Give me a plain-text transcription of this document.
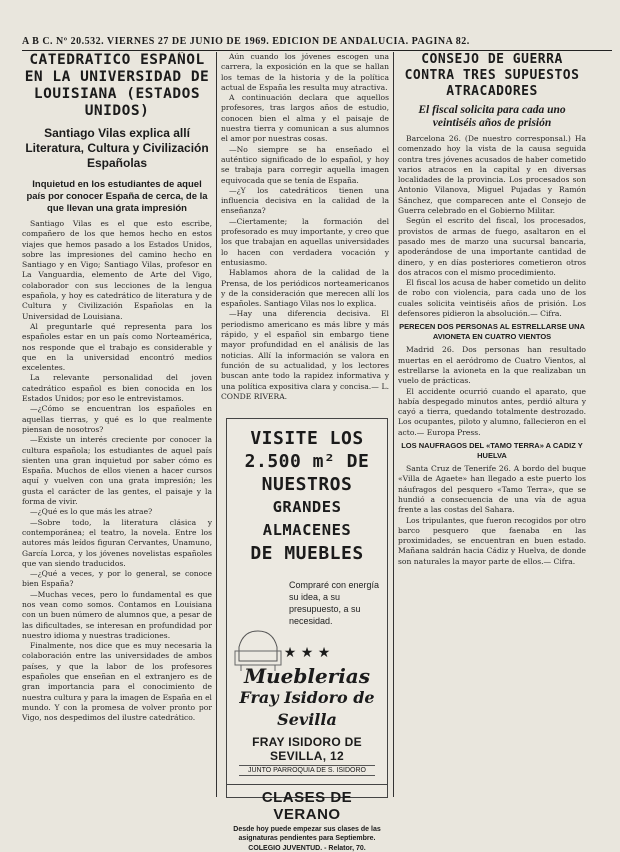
A B C. Nº 20.532. VIERNES 27 DE JUNIO DE 1969. EDICION DE ANDALUCIA. PAGINA 82.
CATEDRATICO ESPAÑOL EN LA UNIVERSIDAD DE LOUISIANA (ESTADOS UNIDOS)
Santiago Vilas explica allí Literatura, Cultura y Civilización Españolas
Inquietud en los estudiantes de aquel país por conocer España de cerca, de la que llevan una grata impresión

Santiago Vilas es el que esto escribe, compañero de los que hemos hecho en estos viajes que hemos pasado a los Estados Unidos, sobre las impresiones del camino hecho en Santiago y en Vigo; Santiago Vilas, profesor en La Vanguardia, elemento de Arte del Vigo, colaborador con sus lecciones de la lengua española, y hoy es catedrático de literatura y de Cultura y Civilización Españolas en la Universidad de Louisiana.

Al preguntarle qué representa para los españoles estar en un país como Norteamérica, nos responde que el trabajo es considerable y que en la universidad encontró medios excelentes.

La relevante personalidad del joven catedrático español es bien conocida en los Estados Unidos; por eso le entrevistamos.

—¿Cómo se encuentran los españoles en aquellas tierras, y qué es lo que realmente piensan de nosotros?

—Existe un interés creciente por conocer la cultura española; los estudiantes de aquel país sienten una gran inquietud por saber cómo es España. Muchos de ellos vienen a hacer cursos aquí y vuelven con una grata impresión; les gusta el carácter de las gentes, el paisaje y la forma de vivir.

—¿Qué es lo que más les atrae?

—Sobre todo, la literatura clásica y contemporánea; el teatro, la novela. Entre los autores más leídos figuran Cervantes, Unamuno, García Lorca, y los jóvenes novelistas españoles que van siendo traducidos.

—¿Qué a veces, y por lo general, se conoce bien España?

—Muchas veces, pero lo fundamental es que nos vean como somos. Contamos en Louisiana con un buen número de alumnos que, a pesar de las dificultades, se interesan en profundidad por nuestro idioma y nuestras tradiciones.

Finalmente, nos dice que es muy necesaria la colaboración entre las universidades de ambos países, y que la labor de los profesores españoles que enseñan en el extranjero es de gran importancia para el conocimiento de nuestra cultura y para la imagen de España en el mundo. Y con la promesa de volver pronto por Vigo, nos despedimos del ilustre catedrático.

Aún cuando los jóvenes escogen una carrera, la exposición en la que se hallan los temas de la historia y de la política actual de España les resulta muy atractiva.

A continuación declara que aquellos profesores, tras largos años de estudio, conocen bien el alma y el paisaje de nuestra tierra y comunican a sus alumnos el amor por nuestras cosas.

—No siempre se ha enseñado el auténtico significado de lo español, y hoy se trabaja para corregir aquella imagen equivocada que se tenía de España.

—¿Y los catedráticos tienen una influencia decisiva en la calidad de la enseñanza?

—Ciertamente; la formación del profesorado es muy importante, y creo que los que trabajan en aquellas universidades lo hacen con verdadera vocación y entusiasmo.

Hablamos ahora de la calidad de la Prensa, de los periódicos norteamericanos y de la consideración que merecen allí los españoles. Santiago Vilas nos lo explica.

—Hay una diferencia decisiva. El periodismo americano es más libre y más rápido, y el español sin embargo tiene mayor profundidad en el análisis de las noticias. Allí la información se valora en función de su actualidad, y los lectores buscan ante todo la rapidez informativa y una política expositiva clara y concisa.— L. CONDE RIVERA.

VISITE LOS
2.500 m² DE
NUESTROS
GRANDES ALMACENES
DE MUEBLES
Compraré con energía su idea, a su presupuesto, a su necesidad.
★ ★ ★
Mueblerias
Fray Isidoro de Sevilla
FRAY ISIDORO DE SEVILLA, 12
JUNTO PARROQUIA DE S. ISIDORO
CLASES DE VERANO
Desde hoy puede empezar sus clases de las asignaturas pendientes para Septiembre.
COLEGIO JUVENTUD. - Relator, 70.
CONSEJO DE GUERRA CONTRA TRES SUPUESTOS ATRACADORES
El fiscal solicita para cada uno veintiséis años de prisión

Barcelona 26. (De nuestro corresponsal.) Ha comenzado hoy la vista de la causa seguida contra tres jóvenes acusados de haber cometido varios atracos en la capital y en diversas localidades de la provincia. Los procesados son Antonio Vilanova, Miguel Pujadas y Ramón Sánchez, que comparecen ante el Consejo de Guerra celebrado en el Gobierno Militar.

Según el escrito del fiscal, los procesados, provistos de armas de fuego, asaltaron en el pasado mes de marzo una sucursal bancaria, apoderándose de una importante cantidad de dinero, y en días posteriores cometieron otros dos atracos con el mismo procedimiento.

El fiscal los acusa de haber cometido un delito de robo con violencia, para cada uno de los cuales solicita veintiséis años de prisión. Los defensores pidieron la absolución.— Cifra.

PERECEN DOS PERSONAS AL ESTRELLARSE UNA AVIONETA EN CUATRO VIENTOS

Madrid 26. Dos personas han resultado muertas en el aeródromo de Cuatro Vientos, al estrellarse la avioneta en la que realizaban un vuelo de prácticas.

El accidente ocurrió cuando el aparato, que había despegado minutos antes, perdió altura y cayó a tierra, quedando totalmente destrozado. Los ocupantes, piloto y alumno, fallecieron en el acto.— Europa Press.

LOS NAUFRAGOS DEL «TAMO TERRA» A CADIZ Y HUELVA

Santa Cruz de Tenerife 26. A bordo del buque «Villa de Agaete» han llegado a este puerto los náufragos del pesquero «Tamo Terra», que se hundió a consecuencia de una vía de agua frente a las costas del Sahara.

Los tripulantes, que fueron recogidos por otro barco pesquero que faenaba en las proximidades, se encuentran en buen estado. Mañana saldrán hacia Cádiz y Huelva, de donde son naturales la mayor parte de ellos.— Cifra.
